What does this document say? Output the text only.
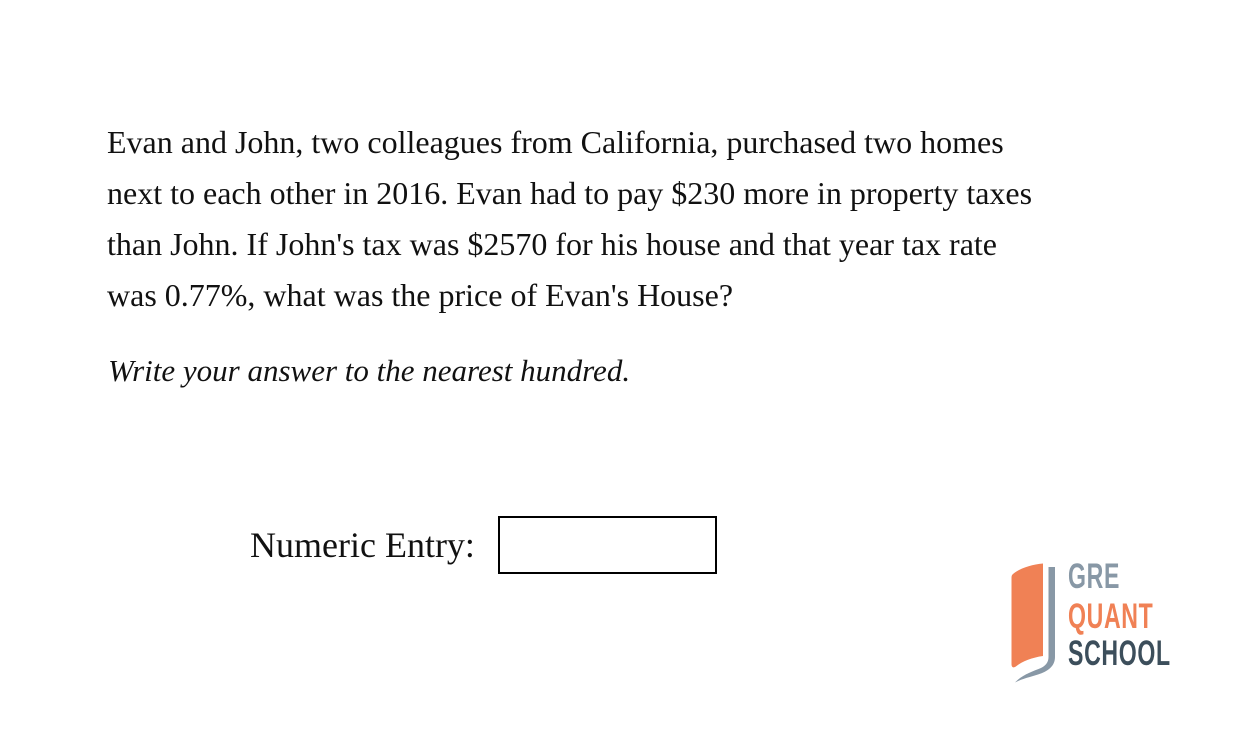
Evan and John, two colleagues from California, purchased two homes
next to each other in 2016. Evan had to pay $230 more in property taxes
than John. If John's tax was $2570 for his house and that year tax rate
was 0.77%, what was the price of Evan's House?
Write your answer to the nearest hundred.
Numeric Entry:
GRE
QUANT
SCHOOL
